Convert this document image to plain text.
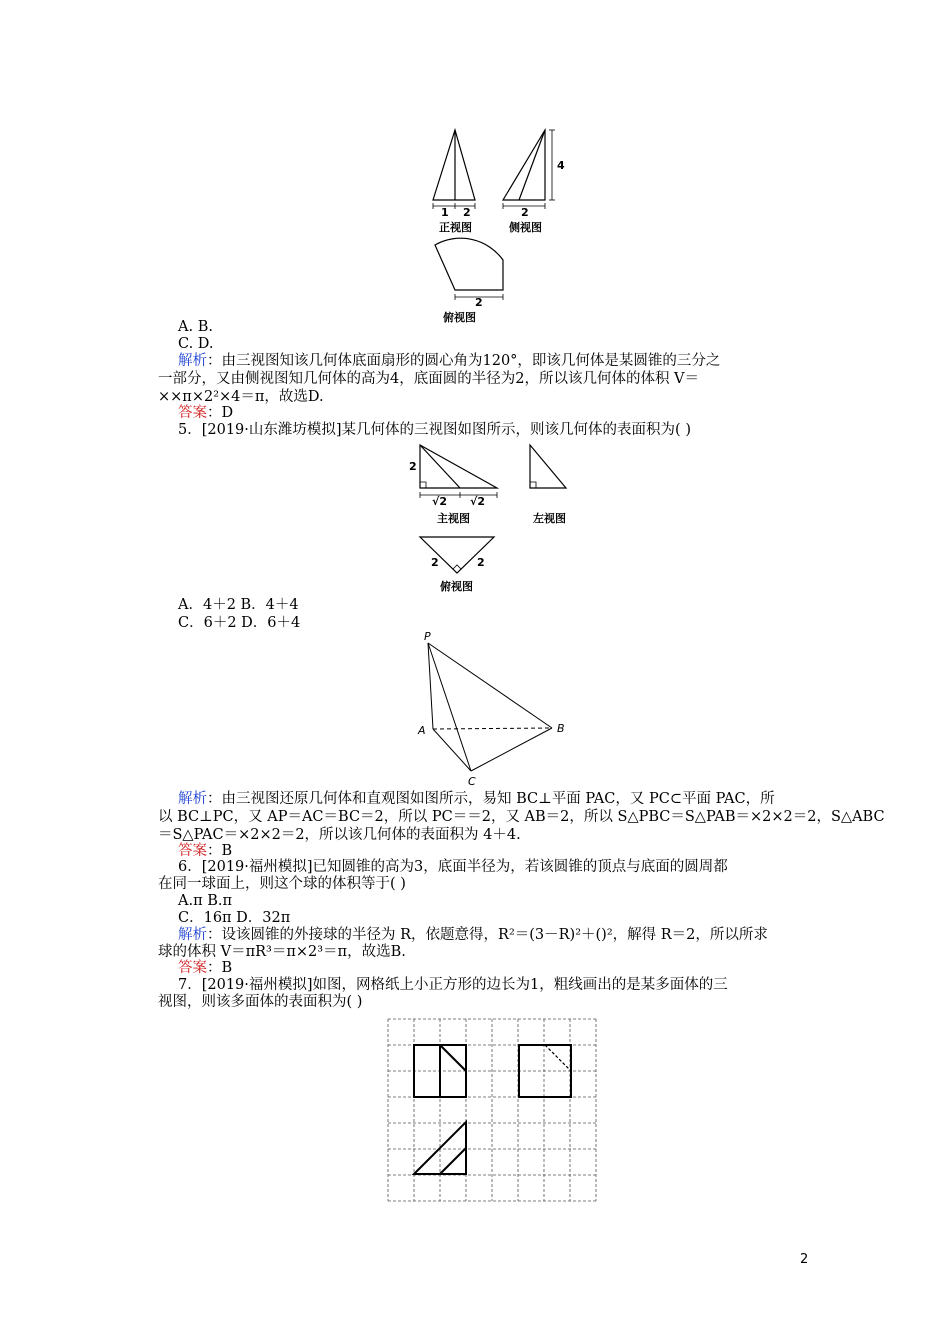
1 2
正视图
4
2
侧视图
2
俯视图
A. B.
C. D.
解析：由三视图知该几何体底面扇形的圆心角为120°，即该几何体是某圆锥的三分之
一部分，又由侧视图知几何体的高为4，底面圆的半径为2，所以该几何体的体积 V＝
××π×2²×4＝π，故选D.
答案：D
5．[2019·山东潍坊模拟]某几何体的三视图如图所示，则该几何体的表面积为( )
2
√2 √2
主视图	左视图
2	2
俯视图
A．4＋2 B．4＋4
C．6＋2 D．6＋4
P
A	B
C
解析：由三视图还原几何体和直观图如图所示，易知 BC⊥平面 PAC，又 PC⊂平面 PAC，所
以 BC⊥PC，又 AP＝AC＝BC＝2，所以 PC＝＝2，又 AB＝2，所以 S△PBC＝S△PAB＝×2×2＝2，S△ABC
＝S△PAC＝×2×2＝2，所以该几何体的表面积为 4＋4.
答案：B
6．[2019·福州模拟]已知圆锥的高为3，底面半径为，若该圆锥的顶点与底面的圆周都
在同一球面上，则这个球的体积等于( )
A.π B.π
C．16π D．32π
解析：设该圆锥的外接球的半径为 R，依题意得，R²＝(3－R)²＋()²，解得 R＝2，所以所求
球的体积 V＝πR³＝π×2³＝π，故选B.
答案：B
7．[2019·福州模拟]如图，网格纸上小正方形的边长为1，粗线画出的是某多面体的三
视图，则该多面体的表面积为( )
2
